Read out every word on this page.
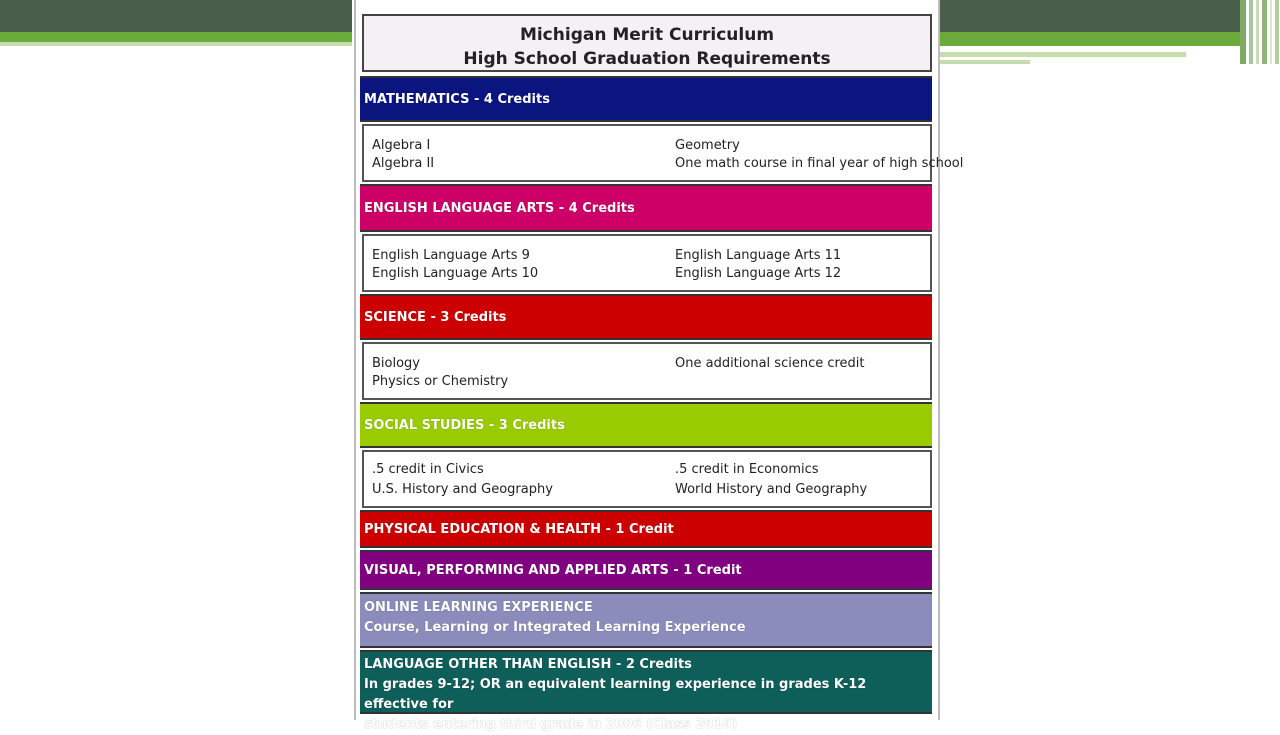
Michigan Merit Curriculum
High School Graduation Requirements
MATHEMATICS - 4 Credits
Algebra I
Algebra II
Geometry
One math course in final year of high school
ENGLISH LANGUAGE ARTS - 4 Credits
English Language Arts 9
English Language Arts 10
English Language Arts 11
English Language Arts 12
SCIENCE - 3 Credits
Biology
Physics or Chemistry
One additional science credit
SOCIAL STUDIES - 3 Credits
.5 credit in Civics
U.S. History and Geography
.5 credit in Economics
World History and Geography
PHYSICAL EDUCATION & HEALTH - 1 Credit
VISUAL, PERFORMING AND APPLIED ARTS - 1 Credit
ONLINE LEARNING EXPERIENCE
Course, Learning or Integrated Learning Experience
LANGUAGE OTHER THAN ENGLISH - 2 Credits
In grades 9-12; OR an equivalent learning experience in grades K-12 effective for
students entering third grade in 2006 (Class 2016)
